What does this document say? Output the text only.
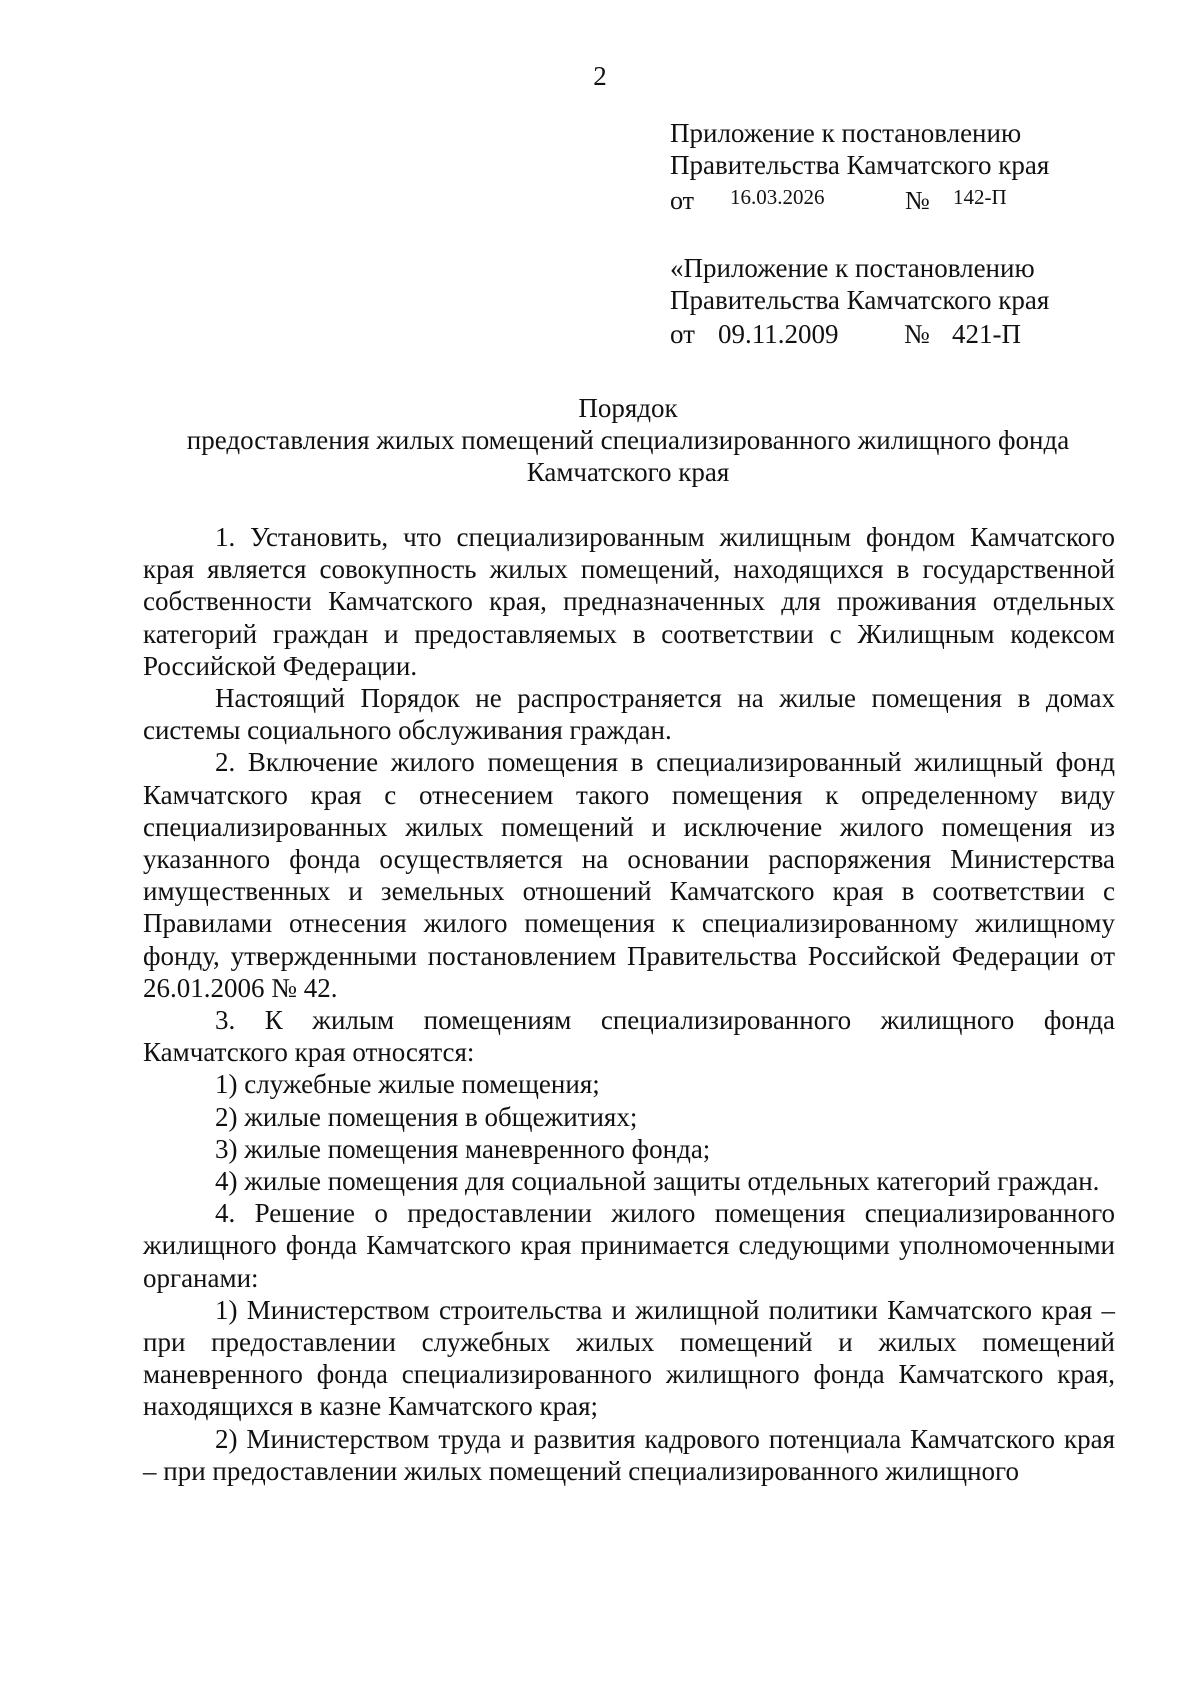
2
Приложение к постановлению
Правительства Камчатского края
от 16.03.2026	№ 142-П
«Приложение к постановлению
Правительства Камчатского края
от 09.11.2009 № 421-П
Порядок
предоставления жилых помещений специализированного жилищного фонда
Камчатского края

1. Установить, что специализированным жилищным фондом Камчатского края является совокупность жилых помещений, находящихся в государственной собственности Камчатского края, предназначенных для проживания отдельных категорий граждан и предоставляемых в соответствии с Жилищным кодексом Российской Федерации.

Настоящий Порядок не распространяется на жилые помещения в домах системы социального обслуживания граждан.

2. Включение жилого помещения в специализированный жилищный фонд Камчатского края с отнесением такого помещения к определенному виду специализированных жилых помещений и исключение жилого помещения из указанного фонда осуществляется на основании распоряжения Министерства имущественных и земельных отношений Камчатского края в соответствии с Правилами отнесения жилого помещения к специализированному жилищному фонду, утвержденными постановлением Правительства Российской Федерации от 26.01.2006 № 42.

3. К жилым помещениям специализированного жилищного фонда Камчатского края относятся:

1) служебные жилые помещения;

2) жилые помещения в общежитиях;

3) жилые помещения маневренного фонда;

4) жилые помещения для социальной защиты отдельных категорий граждан.

4. Решение о предоставлении жилого помещения специализированного жилищного фонда Камчатского края принимается следующими уполномоченными органами:

1) Министерством строительства и жилищной политики Камчатского края – при предоставлении служебных жилых помещений и жилых помещений маневренного фонда специализированного жилищного фонда Камчатского края, находящихся в казне Камчатского края;

2) Министерством труда и развития кадрового потенциала Камчатского края – при предоставлении жилых помещений специализированного жилищного
